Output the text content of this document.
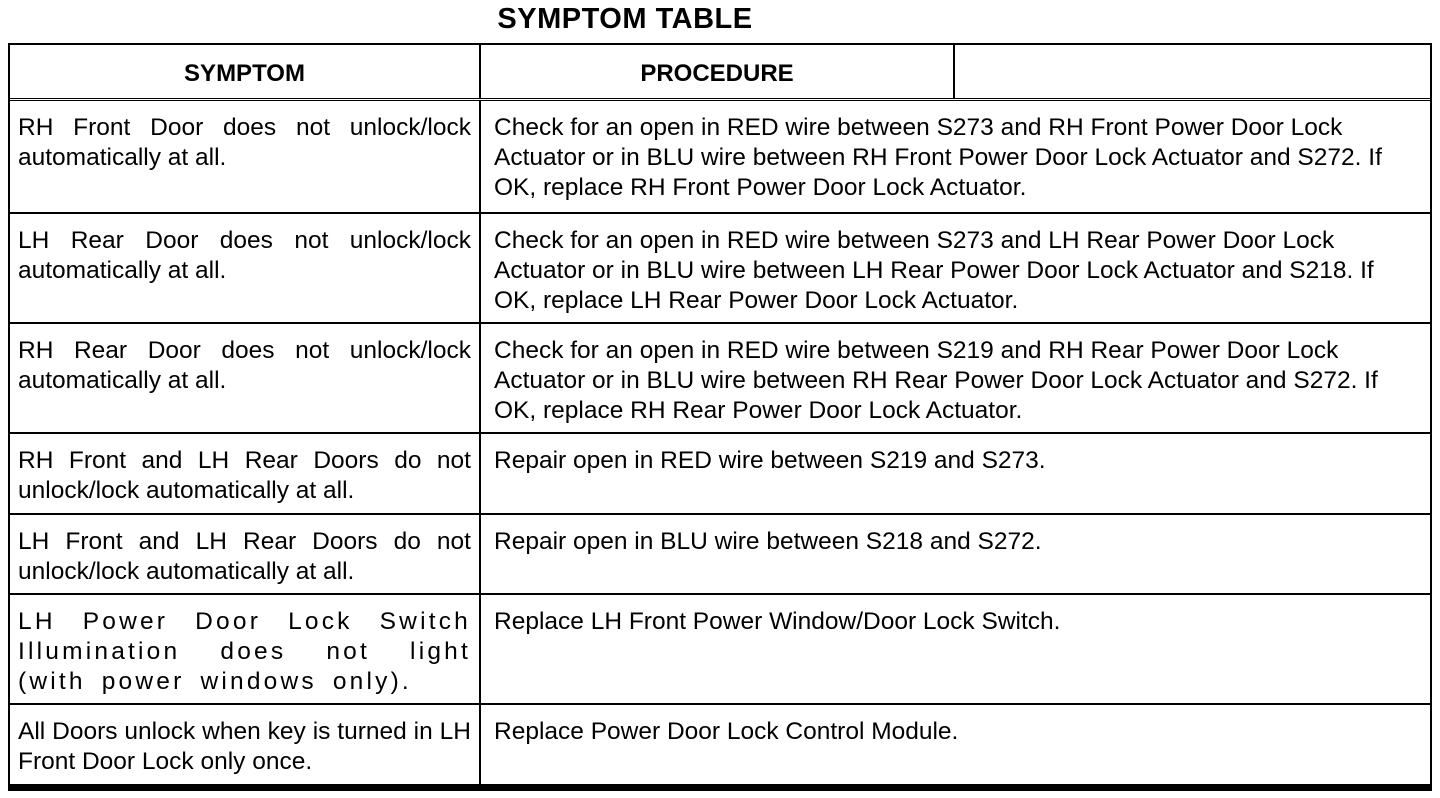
SYMPTOM TABLE
SYMPTOM	PROCEDURE
RH Front Door does not unlock/lock automatically at all.
Check for an open in RED wire between S273 and RH Front Power Door Lock Actuator or in BLU wire between RH Front Power Door Lock Actuator and S272. If OK, replace RH Front Power Door Lock Actuator.
LH Rear Door does not unlock/lock automatically at all.
Check for an open in RED wire between S273 and LH Rear Power Door Lock Actuator or in BLU wire between LH Rear Power Door Lock Actuator and S218. If OK, replace LH Rear Power Door Lock Actuator.
RH Rear Door does not unlock/lock automatically at all.
Check for an open in RED wire between S219 and RH Rear Power Door Lock Actuator or in BLU wire between RH Rear Power Door Lock Actuator and S272. If OK, replace RH Rear Power Door Lock Actuator.
RH Front and LH Rear Doors do not unlock/lock automatically at all.
Repair open in RED wire between S219 and S273.
LH Front and LH Rear Doors do not unlock/lock automatically at all.
Repair open in BLU wire between S218 and S272.
LH Power Door Lock Switch Illumination does not light (with power windows only).
Replace LH Front Power Window/Door Lock Switch.
All Doors unlock when key is turned in LH Front Door Lock only once.
Replace Power Door Lock Control Module.
